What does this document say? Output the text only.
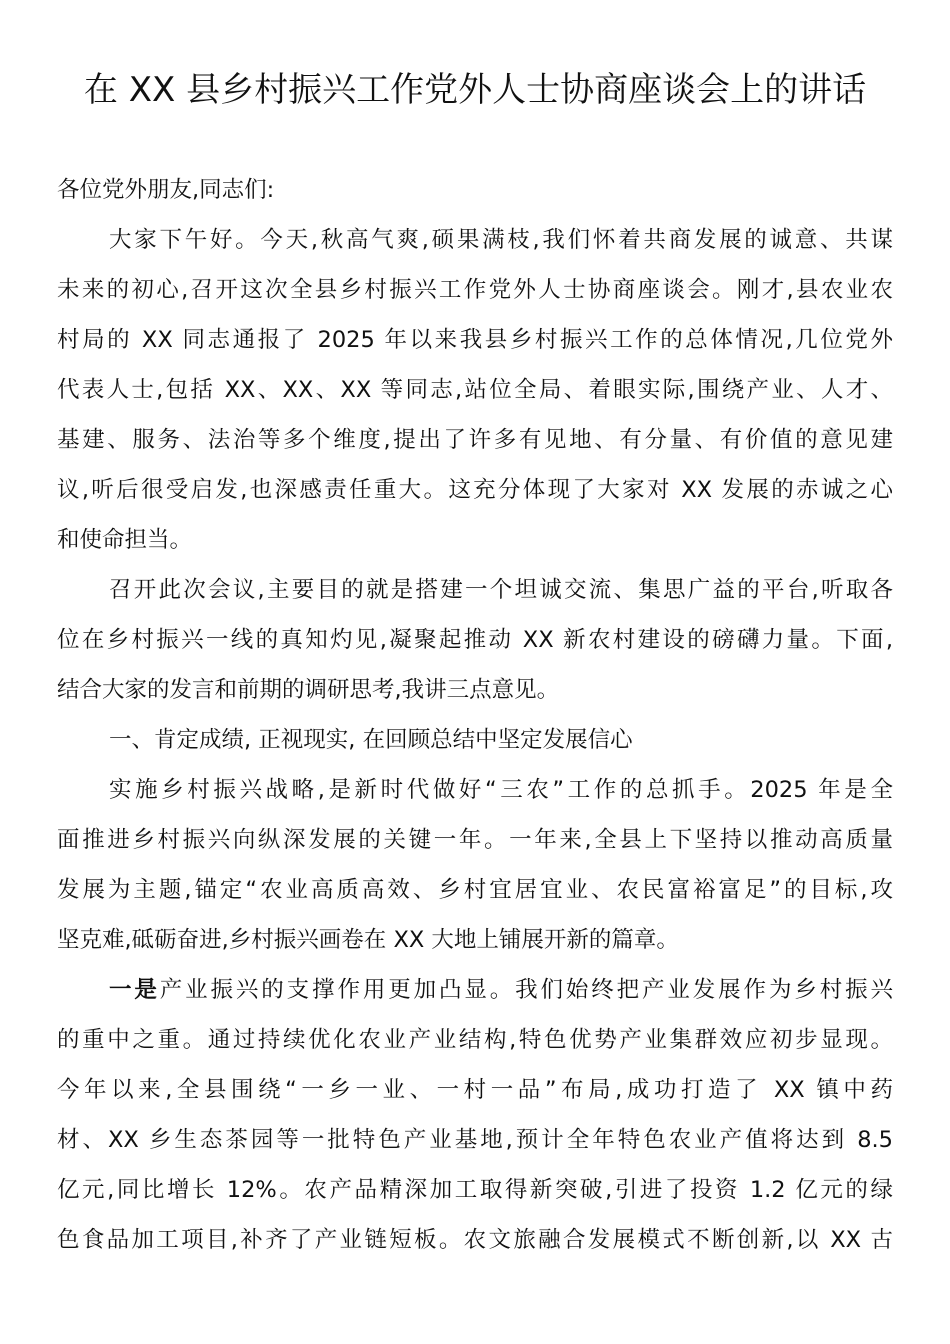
在 XX 县乡村振兴工作党外人士协商座谈会上的讲话
各位党外朋友,同志们:
大家下午好。今天,秋高气爽,硕果满枝,我们怀着共商发展的诚意、共谋
未来的初心,召开这次全县乡村振兴工作党外人士协商座谈会。刚才,县农业农
村局的 XX 同志通报了 2025 年以来我县乡村振兴工作的总体情况,几位党外
代表人士,包括 XX、XX、XX 等同志,站位全局、着眼实际,围绕产业、人才、
基建、服务、法治等多个维度,提出了许多有见地、有分量、有价值的意见建
议,听后很受启发,也深感责任重大。这充分体现了大家对 XX 发展的赤诚之心
和使命担当。
召开此次会议,主要目的就是搭建一个坦诚交流、集思广益的平台,听取各
位在乡村振兴一线的真知灼见,凝聚起推动 XX 新农村建设的磅礴力量。下面,
结合大家的发言和前期的调研思考,我讲三点意见。
一、肯定成绩, 正视现实, 在回顾总结中坚定发展信心
实施乡村振兴战略,是新时代做好“三农”工作的总抓手。2025 年是全
面推进乡村振兴向纵深发展的关键一年。一年来,全县上下坚持以推动高质量
发展为主题,锚定“农业高质高效、乡村宜居宜业、农民富裕富足”的目标,攻
坚克难,砥砺奋进,乡村振兴画卷在 XX 大地上铺展开新的篇章。
一是产业振兴的支撑作用更加凸显。我们始终把产业发展作为乡村振兴
的重中之重。通过持续优化农业产业结构,特色优势产业集群效应初步显现。
今年以来,全县围绕“一乡一业、一村一品”布局,成功打造了 XX 镇中药
材、XX 乡生态茶园等一批特色产业基地,预计全年特色农业产值将达到 8.5
亿元,同比增长 12%。农产品精深加工取得新突破,引进了投资 1.2 亿元的绿
色食品加工项目,补齐了产业链短板。农文旅融合发展模式不断创新,以 XX 古
